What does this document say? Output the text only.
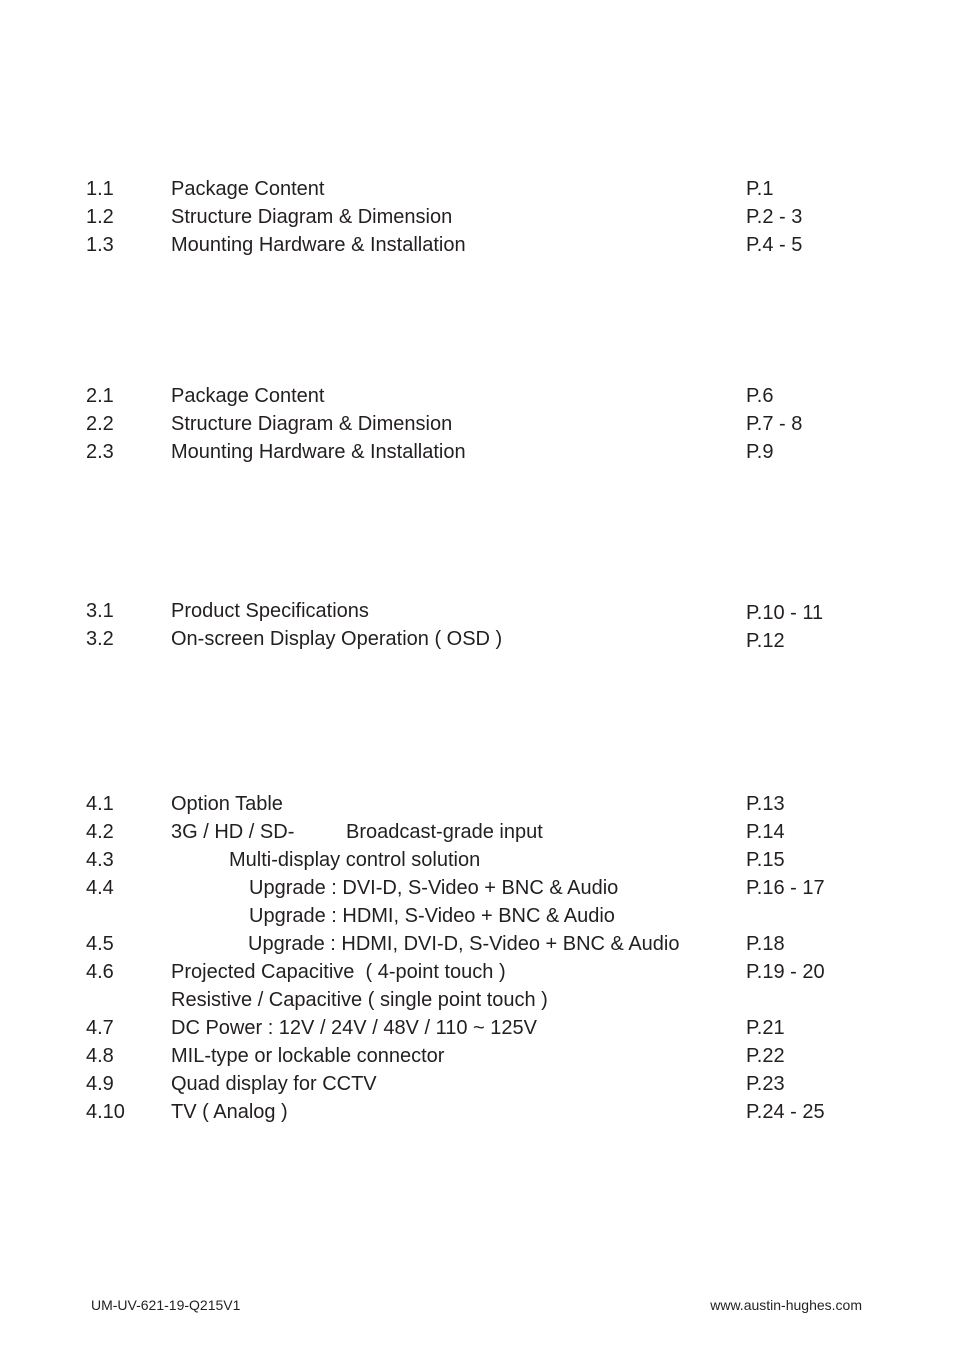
1.1	Package Content	P.1
1.2	Structure Diagram & Dimension	P.2 - 3
1.3	Mounting Hardware & Installation	P.4 - 5
2.1	Package Content	P.6
2.2	Structure Diagram & Dimension	P.7 - 8
2.3	Mounting Hardware & Installation	P.9
3.1	Product Specifications	P.10 - 11
3.2	On-screen Display Operation ( OSD )	P.12
4.1	Option Table	P.13
4.2	3G / HD / SD-	Broadcast-grade input	P.14
4.3	Multi-display control solution	P.15
4.4	Upgrade : DVI-D, S-Video + BNC & Audio	P.16 - 17
Upgrade : HDMI, S-Video + BNC & Audio
4.5	Upgrade : HDMI, DVI-D, S-Video + BNC & Audio	P.18
4.6	Projected Capacitive  ( 4-point touch )	P.19 - 20
Resistive / Capacitive ( single point touch )
4.7	DC Power : 12V / 24V / 48V / 110 ~ 125V	P.21
4.8	MIL-type or lockable connector	P.22
4.9	Quad display for CCTV	P.23
4.10 TV ( Analog )	P.24 - 25
UM-UV-621-19-Q215V1	www.austin-hughes.com
